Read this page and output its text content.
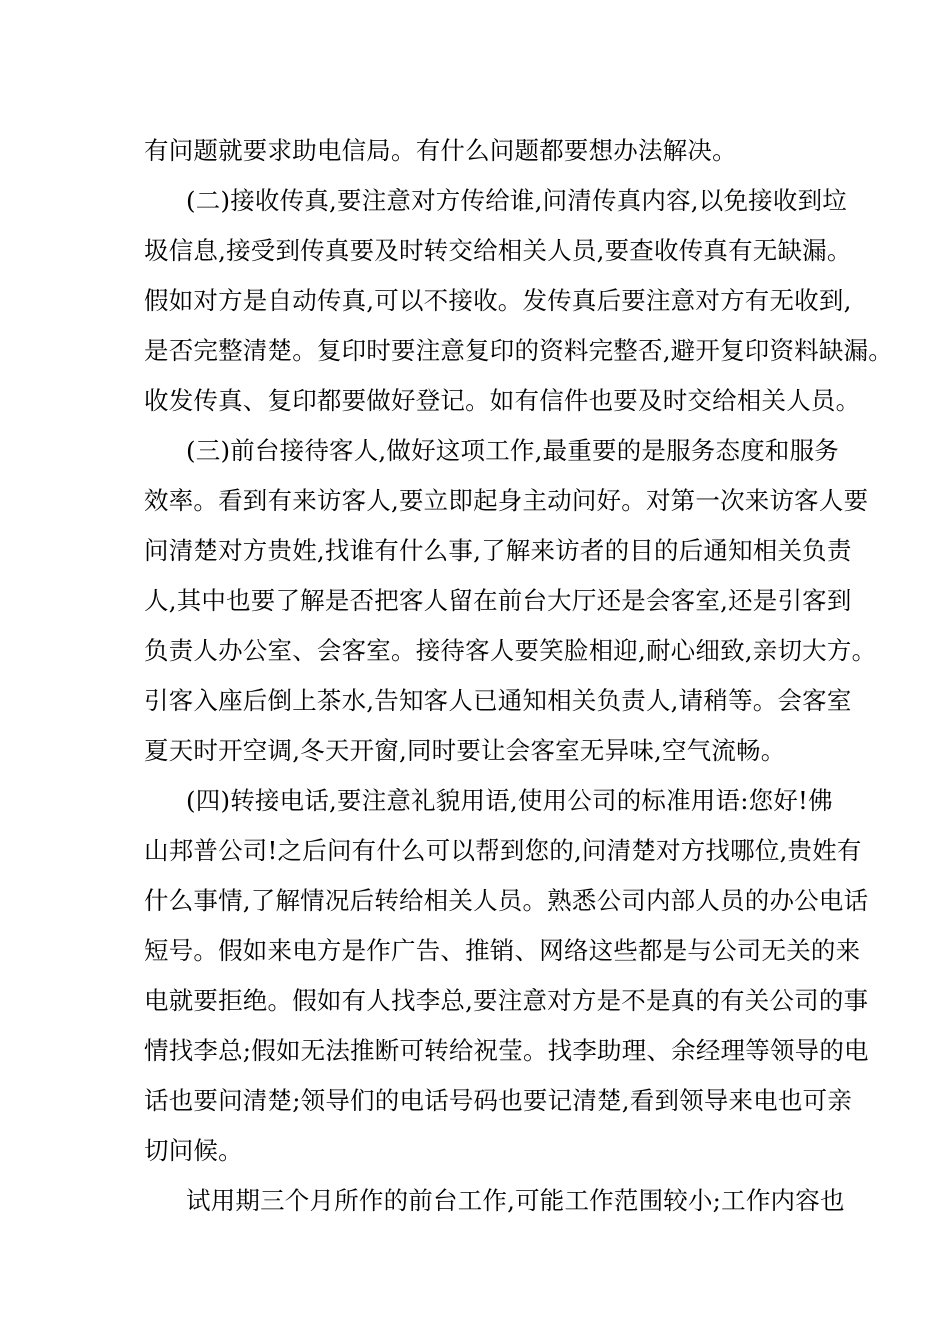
有问题就要求助电信局。有什么问题都要想办法解决。
(二)接收传真,要注意对方传给谁,问清传真内容,以免接收到垃
圾信息,接受到传真要及时转交给相关人员,要查收传真有无缺漏。
假如对方是自动传真,可以不接收。发传真后要注意对方有无收到,
是否完整清楚。复印时要注意复印的资料完整否,避开复印资料缺漏。
收发传真、复印都要做好登记。如有信件也要及时交给相关人员。
(三)前台接待客人,做好这项工作,最重要的是服务态度和服务
效率。看到有来访客人,要立即起身主动问好。对第一次来访客人要
问清楚对方贵姓,找谁有什么事,了解来访者的目的后通知相关负责
人,其中也要了解是否把客人留在前台大厅还是会客室,还是引客到
负责人办公室、会客室。接待客人要笑脸相迎,耐心细致,亲切大方。
引客入座后倒上茶水,告知客人已通知相关负责人,请稍等。会客室
夏天时开空调,冬天开窗,同时要让会客室无异味,空气流畅。
(四)转接电话,要注意礼貌用语,使用公司的标准用语:您好!佛
山邦普公司!之后问有什么可以帮到您的,问清楚对方找哪位,贵姓有
什么事情,了解情况后转给相关人员。熟悉公司内部人员的办公电话
短号。假如来电方是作广告、推销、网络这些都是与公司无关的来
电就要拒绝。假如有人找李总,要注意对方是不是真的有关公司的事
情找李总;假如无法推断可转给祝莹。找李助理、余经理等领导的电
话也要问清楚;领导们的电话号码也要记清楚,看到领导来电也可亲
切问候。
试用期三个月所作的前台工作,可能工作范围较小;工作内容也
